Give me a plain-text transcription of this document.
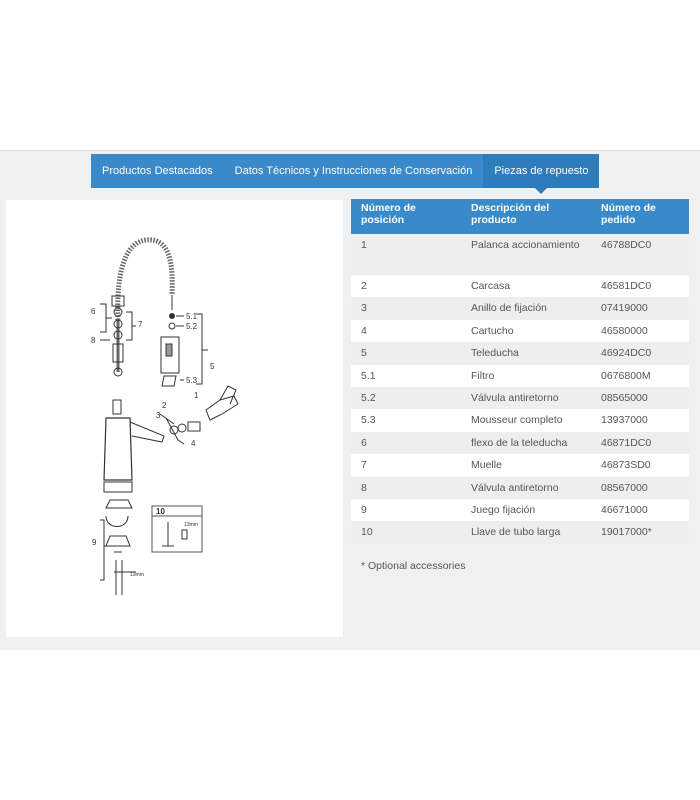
Productos Destacados	Datos Técnicos y Instrucciones de Conservación	Piezas de repuesto
6
7
8
5.1
5.2
5.3
5
1
2
3
4
9
10
13mm
13mm
Número de posición	Descripción del producto	Número de pedido
1	Palanca accionamiento	46788DC0
2	Carcasa	46581DC0
3	Anillo de fijación	07419000
4	Cartucho	46580000
5	Teleducha	46924DC0
5.1	Filtro	0676800M
5.2	Válvula antiretorno	08565000
5.3	Mousseur completo	13937000
6	flexo de la teleducha	46871DC0
7	Muelle	46873SD0
8	Válvula antiretorno	08567000
9	Juego fijación	46671000
10	Llave de tubo larga	19017000*
* Optional accessories
